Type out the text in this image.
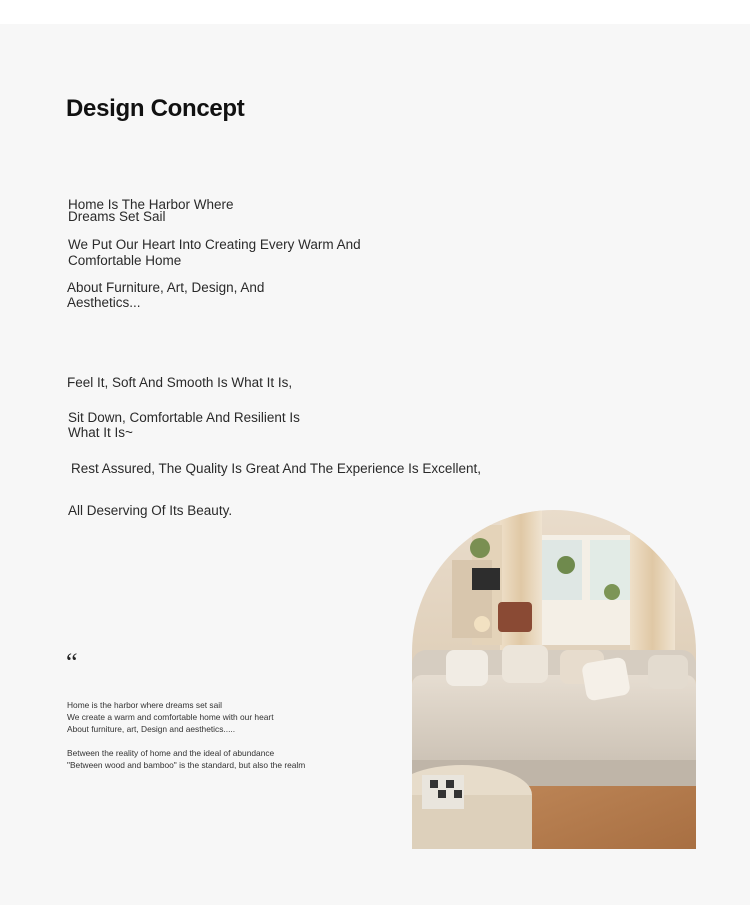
Design Concept
Home Is The Harbor Where
Dreams Set Sail
We Put Our Heart Into Creating Every Warm And
Comfortable Home
About Furniture, Art, Design, And
Aesthetics...
Feel It, Soft And Smooth Is What It Is,
Sit Down, Comfortable And Resilient Is
What It Is~
Rest Assured, The Quality Is Great And The Experience Is Excellent,
All Deserving Of Its Beauty.
“
Home is the harbor where dreams set sail
We create a warm and comfortable home with our heart
About furniture, art, Design and aesthetics.....
Between the reality of home and the ideal of abundance
"Between wood and bamboo" is the standard, but also the realm
